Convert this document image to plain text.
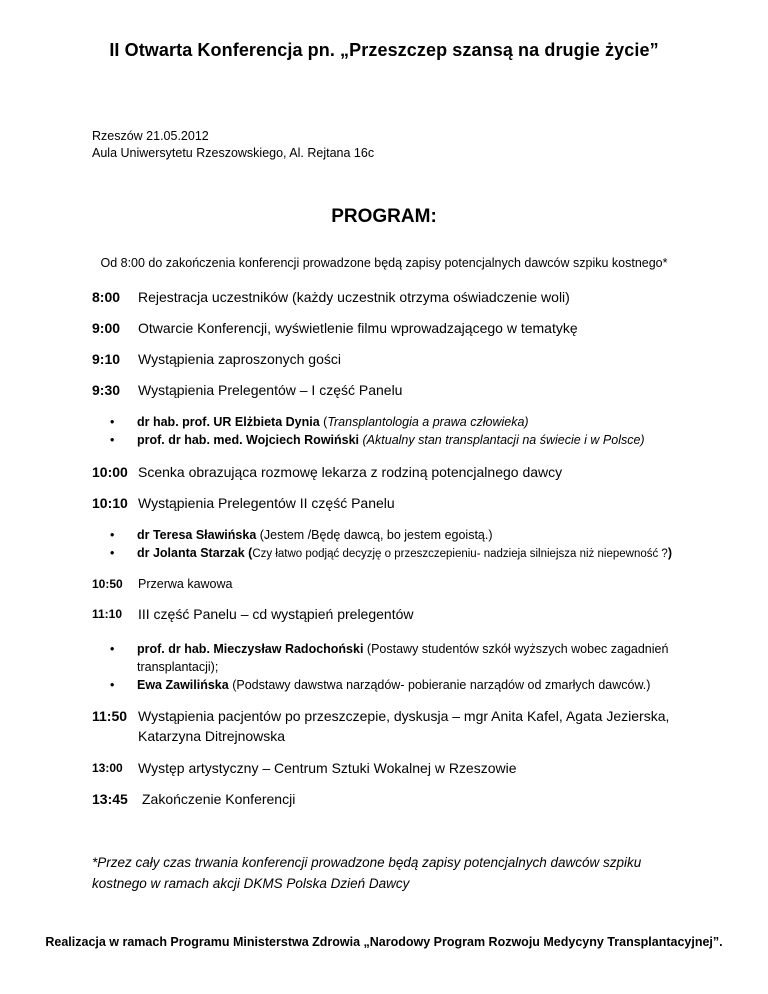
II Otwarta Konferencja pn. „Przeszczep szansą na drugie życie”
Rzeszów 21.05.2012
Aula Uniwersytetu Rzeszowskiego, Al. Rejtana 16c
PROGRAM:
Od 8:00 do zakończenia konferencji prowadzone będą zapisy potencjalnych dawców szpiku kostnego*
8:00 Rejestracja uczestników (każdy uczestnik otrzyma oświadczenie woli)
9:00 Otwarcie Konferencji, wyświetlenie filmu wprowadzającego w tematykę
9:10 Wystąpienia zaproszonych gości
9:30 Wystąpienia Prelegentów – I część Panelu
•	dr hab. prof. UR Elżbieta Dynia (Transplantologia a prawa człowieka)
•	prof. dr hab. med. Wojciech Rowiński (Aktualny stan transplantacji na świecie i w Polsce)
10:00 Scenka obrazująca rozmowę lekarza z rodziną potencjalnego dawcy
10:10 Wystąpienia Prelegentów II część Panelu
•	dr Teresa Sławińska (Jestem /Będę dawcą, bo jestem egoistą.)
•	dr Jolanta Starzak (Czy łatwo podjąć decyzję o przeszczepieniu- nadzieja silniejsza niż niepewność ?)
10:50 Przerwa kawowa
11:10 III część Panelu – cd wystąpień prelegentów
•	prof. dr hab. Mieczysław Radochoński (Postawy studentów szkół wyższych wobec zagadnień transplantacji);
•	Ewa Zawilińska (Podstawy dawstwa narządów- pobieranie narządów od zmarłych dawców.)
11:50 Wystąpienia pacjentów po przeszczepie, dyskusja – mgr Anita Kafel, Agata Jezierska, Katarzyna Ditrejnowska
13:00 Występ artystyczny – Centrum Sztuki Wokalnej w Rzeszowie
13:45 Zakończenie Konferencji
*Przez cały czas trwania konferencji prowadzone będą zapisy potencjalnych dawców szpiku kostnego w ramach akcji DKMS Polska Dzień Dawcy
Realizacja w ramach Programu Ministerstwa Zdrowia „Narodowy Program Rozwoju Medycyny Transplantacyjnej”.
